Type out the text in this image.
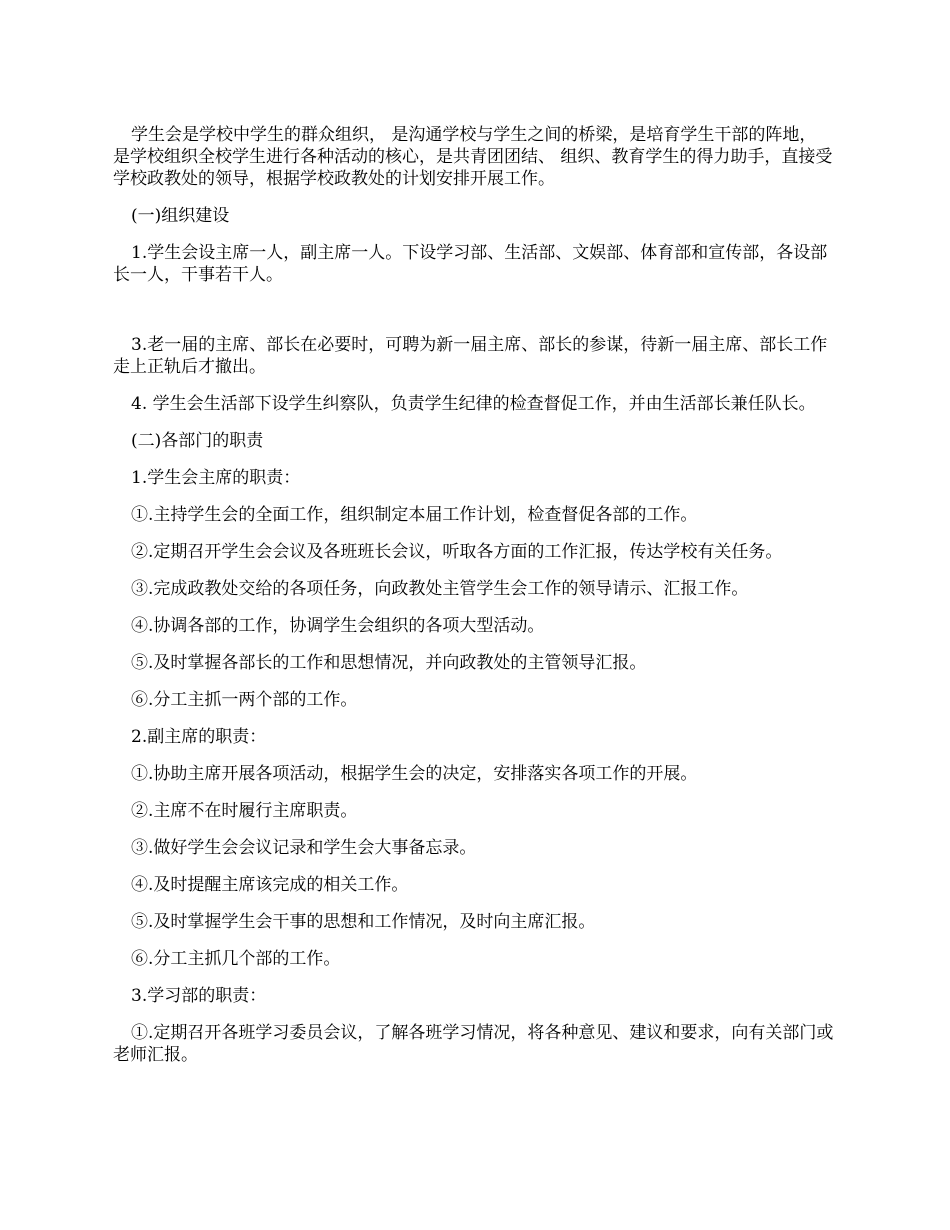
学生会是学校中学生的群众组织， 是沟通学校与学生之间的桥梁，是培育学生干部的阵地， 是学校组织全校学生进行各种活动的核心，是共青团团结、 组织、教育学生的得力助手，直接受学校政教处的领导，根据学校政教处的计划安排开展工作。

(一)组织建设

1.学生会设主席一人，副主席一人。下设学习部、生活部、文娱部、体育部和宣传部，各设部长一人，干事若干人。

3.老一届的主席、部长在必要时，可聘为新一届主席、部长的参谋，待新一届主席、部长工作走上正轨后才撤出。

4. 学生会生活部下设学生纠察队，负责学生纪律的检查督促工作，并由生活部长兼任队长。

(二)各部门的职责

1.学生会主席的职责：

①.主持学生会的全面工作，组织制定本届工作计划，检查督促各部的工作。

②.定期召开学生会会议及各班班长会议，听取各方面的工作汇报，传达学校有关任务。

③.完成政教处交给的各项任务，向政教处主管学生会工作的领导请示、汇报工作。

④.协调各部的工作，协调学生会组织的各项大型活动。

⑤.及时掌握各部长的工作和思想情况，并向政教处的主管领导汇报。

⑥.分工主抓一两个部的工作。

2.副主席的职责：

①.协助主席开展各项活动，根据学生会的决定，安排落实各项工作的开展。

②.主席不在时履行主席职责。

③.做好学生会会议记录和学生会大事备忘录。

④.及时提醒主席该完成的相关工作。

⑤.及时掌握学生会干事的思想和工作情况，及时向主席汇报。

⑥.分工主抓几个部的工作。

3.学习部的职责：

①.定期召开各班学习委员会议，了解各班学习情况，将各种意见、建议和要求，向有关部门或老师汇报。
